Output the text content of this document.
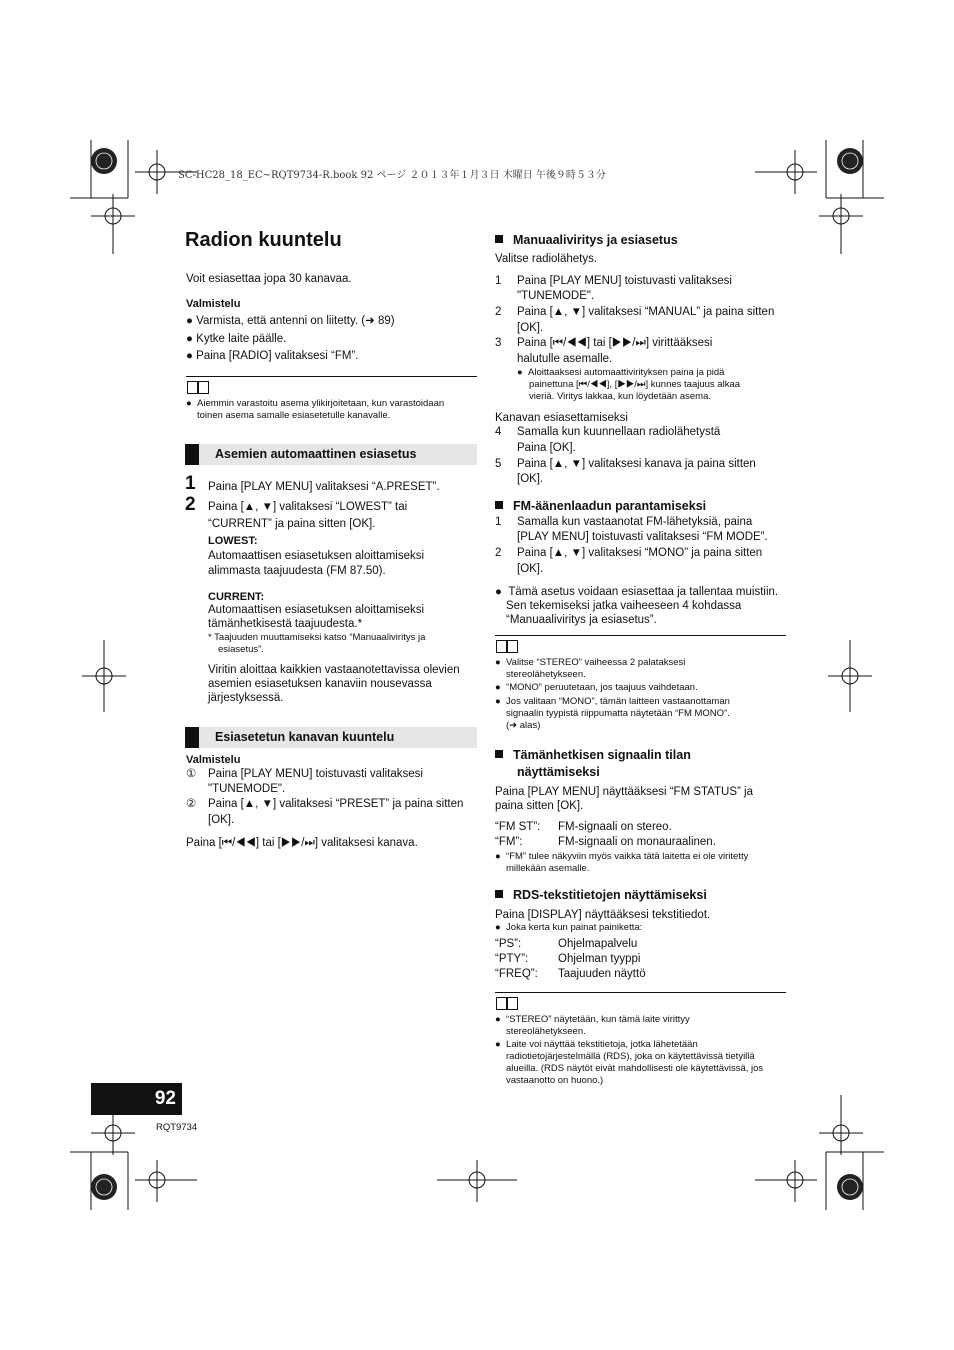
SC-HC28_18_EC~RQT9734-R.book 92 ページ ２０１３年１月３日 木曜日 午後９時５３分
Radion kuuntelu
Voit esiasettaa jopa 30 kanavaa.
Valmistelu
● Varmista, että antenni on liitetty. (➜ 89)
● Kytke laite päälle.
● Paina [RADIO] valitaksesi “FM”.
●  Aiemmin varastoitu asema ylikirjoitetaan, kun varastoidaan
toinen asema samalle esiasetetulle kanavalle.
Asemien automaattinen esiasetus
1 Paina [PLAY MENU] valitaksesi “A.PRESET”.
2 Paina [▲, ▼] valitaksesi “LOWEST” tai
“CURRENT” ja paina sitten [OK].
LOWEST:
Automaattisen esiasetuksen aloittamiseksi
alimmasta taajuudesta (FM 87.50).
CURRENT:
Automaattisen esiasetuksen aloittamiseksi
tämänhetkisestä taajuudesta.*
* Taajuuden muuttamiseksi katso “Manuaaliviritys ja
esiasetus”.
Viritin aloittaa kaikkien vastaanotettavissa olevien
asemien esiasetuksen kanaviin nousevassa
järjestyksessä.
Esiasetetun kanavan kuuntelu
Valmistelu
① Paina [PLAY MENU] toistuvasti valitaksesi
"TUNEMODE".
② Paina [▲, ▼] valitaksesi “PRESET” ja paina sitten
[OK].
Paina [⏮/◀◀] tai [▶▶/⏭] valitaksesi kanava.
Manuaaliviritys ja esiasetus
Valitse radiolähetys.
1 Paina [PLAY MENU] toistuvasti valitaksesi
"TUNEMODE".
2 Paina [▲, ▼] valitaksesi “MANUAL” ja paina sitten
[OK].
3 Paina [⏮/◀◀] tai [▶▶/⏭] virittääksesi
halutulle asemalle.
●  Aloittaaksesi automaattivirityksen paina ja pidä
painettuna [⏮/◀◀], [▶▶/⏭] kunnes taajuus alkaa
vieriä. Viritys lakkaa, kun löydetään asema.
Kanavan esiasettamiseksi
4 Samalla kun kuunnellaan radiolähetystä
Paina [OK].
5 Paina [▲, ▼] valitaksesi kanava ja paina sitten
[OK].
FM-äänenlaadun parantamiseksi
1 Samalla kun vastaanotat FM-lähetyksiä, paina
[PLAY MENU] toistuvasti valitaksesi “FM MODE”.
2 Paina [▲, ▼] valitaksesi “MONO” ja paina sitten
[OK].
●  Tämä asetus voidaan esiasettaa ja tallentaa muistiin.
Sen tekemiseksi jatka vaiheeseen 4 kohdassa
“Manuaaliviritys ja esiasetus”.
●  Valitse “STEREO” vaiheessa 2 palataksesi
stereolähetykseen.
●  “MONO” peruutetaan, jos taajuus vaihdetaan.
●  Jos valitaan “MONO”, tämän laitteen vastaanottaman
signaalin tyypistä riippumatta näytetään “FM MONO”.
(➜ alas)
Tämänhetkisen signaalin tilan
näyttämiseksi
Paina [PLAY MENU] näyttääksesi “FM STATUS” ja
paina sitten [OK].
“FM ST”: FM-signaali on stereo.
“FM”:	FM-signaali on monauraalinen.
●  “FM” tulee näkyviin myös vaikka tätä laitetta ei ole viritetty
millekään asemalle.
RDS-tekstitietojen näyttämiseksi
Paina [DISPLAY] näyttääksesi tekstitiedot.
●  Joka kerta kun painat painiketta:
“PS”:	Ohjelmapalvelu
“PTY”:	Ohjelman tyyppi
“FREQ”: Taajuuden näyttö
●  “STEREO” näytetään, kun tämä laite virittyy
stereolähetykseen.
●  Laite voi näyttää tekstitietoja, jotka lähetetään
radiotietojärjestelmällä (RDS), joka on käytettävissä tietyillä
alueilla. (RDS näytöt eivät mahdollisesti ole käytettävissä, jos
vastaanotto on huono.)
92
RQT9734
